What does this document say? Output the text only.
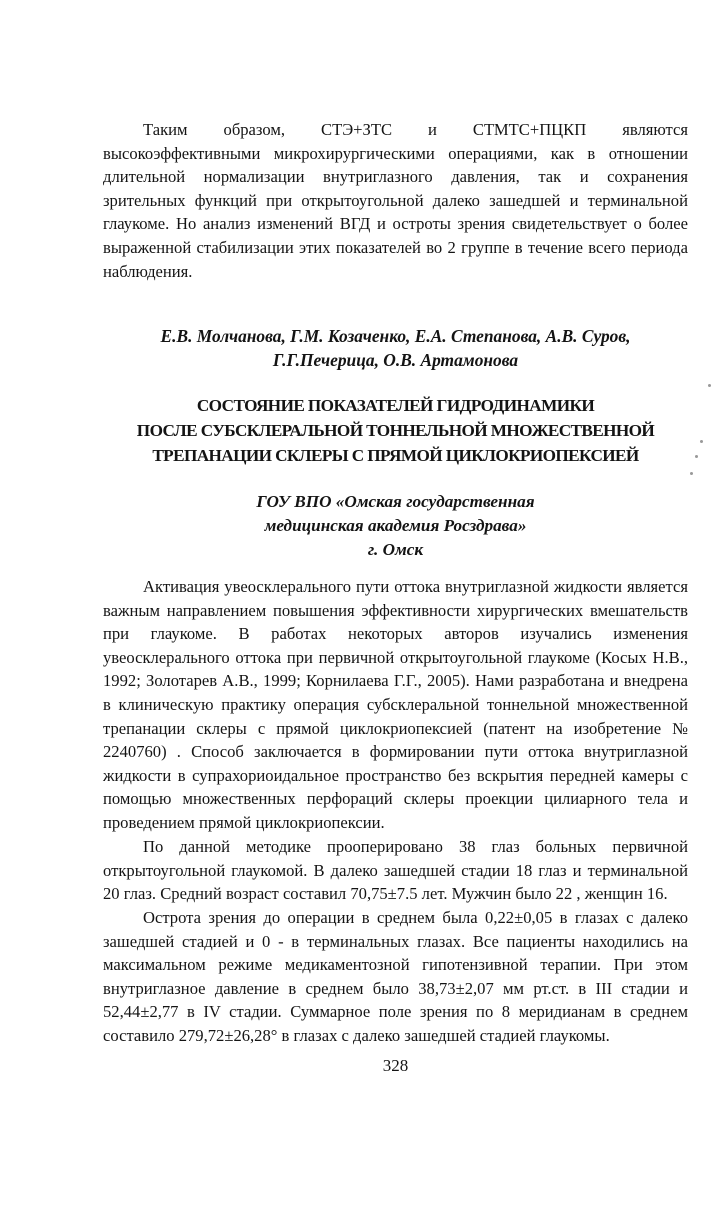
Таким образом, СТЭ+ЗТС и СТМТС+ПЦКП являются высокоэффективными микрохирургическими операциями, как в отношении длительной нормализации внутриглазного давления, так и сохранения зрительных функций при открытоугольной далеко зашедшей и терминальной глаукоме. Но анализ изменений ВГД и остроты зрения свидетельствует о более выраженной стабилизации этих показателей во 2 группе в течение всего периода наблюдения.

Е.В. Молчанова, Г.М. Козаченко, Е.А. Степанова, А.В. Суров,
Г.Г.Печерица, О.В. Артамонова
СОСТОЯНИЕ ПОКАЗАТЕЛЕЙ ГИДРОДИНАМИКИ
ПОСЛЕ СУБСКЛЕРАЛЬНОЙ ТОННЕЛЬНОЙ МНОЖЕСТВЕННОЙ
ТРЕПАНАЦИИ СКЛЕРЫ С ПРЯМОЙ ЦИКЛОКРИОПЕКСИЕЙ
ГОУ ВПО «Омская государственная
медицинская академия Росздрава»
г. Омск

Активация увеосклерального пути оттока внутриглазной жидкости является важным направлением повышения эффективности хирургических вмешательств при глаукоме. В работах некоторых авторов изучались изменения увеосклерального оттока при первичной открытоугольной глаукоме (Косых Н.В., 1992; Золотарев А.В., 1999; Корнилаева Г.Г., 2005). Нами разработана и внедрена в клиническую практику операция субсклеральной тоннельной множественной трепанации склеры с прямой циклокриопексией (патент на изобретение № 2240760) . Способ заключается в формировании пути оттока внутриглазной жидкости в супрахориоидальное пространство без вскрытия передней камеры с помощью множественных перфораций склеры проекции цилиарного тела и проведением прямой циклокриопексии.

По данной методике прооперировано 38 глаз больных первичной открытоугольной глаукомой. В далеко зашедшей стадии 18 глаз и терминальной 20 глаз. Средний возраст составил 70,75±7.5 лет. Мужчин было 22 , женщин 16.

Острота зрения до операции в среднем была 0,22±0,05 в глазах с далеко зашедшей стадией и 0 - в терминальных глазах. Все пациенты находились на максимальном режиме медикаментозной гипотензивной терапии. При этом внутриглазное давление в среднем было 38,73±2,07 мм рт.ст. в III стадии и 52,44±2,77 в IV стадии. Суммарное поле зрения по 8 меридианам в среднем составило 279,72±26,28° в глазах с далеко зашедшей стадией глаукомы.

328
